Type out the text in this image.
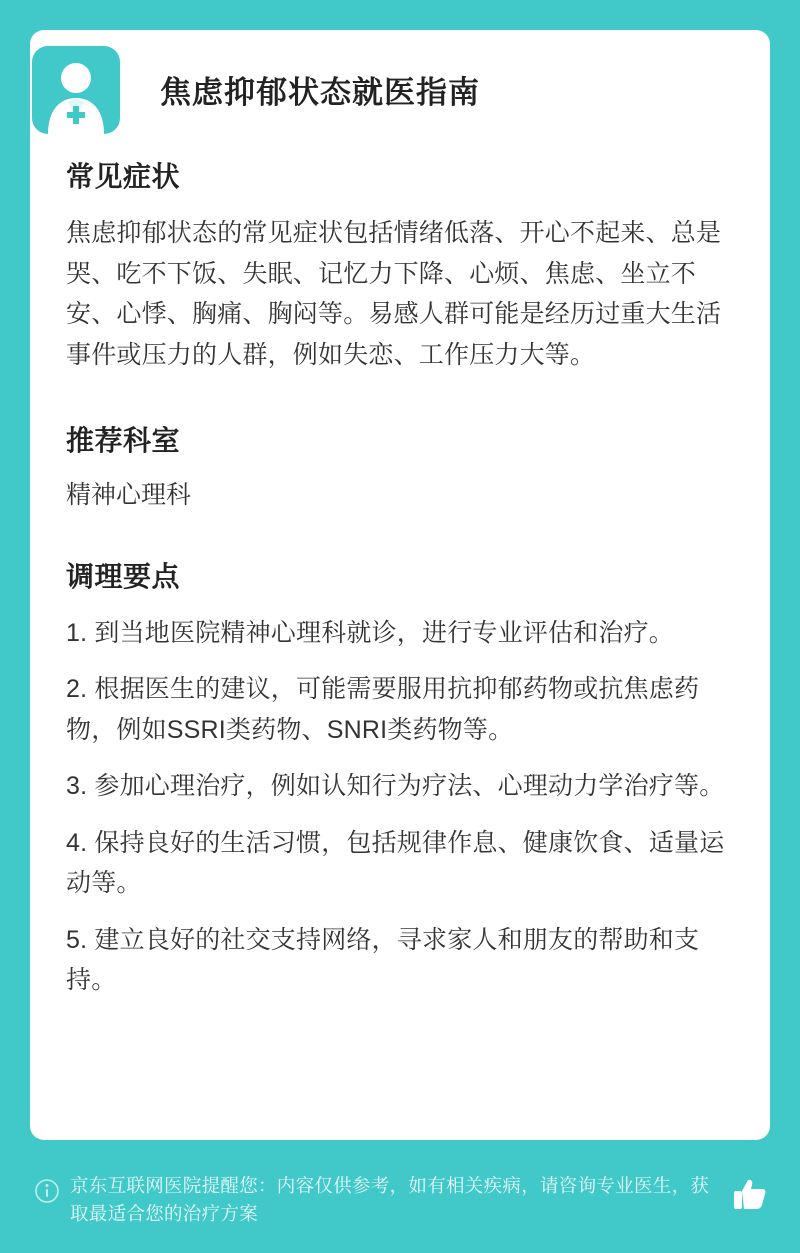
焦虑抑郁状态就医指南
常见症状

焦虑抑郁状态的常见症状包括情绪低落、开心不起来、总是哭、吃不下饭、失眠、记忆力下降、心烦、焦虑、坐立不安、心悸、胸痛、胸闷等。易感人群可能是经历过重大生活事件或压力的人群，例如失恋、工作压力大等。

推荐科室

精神心理科

调理要点
1. 到当地医院精神心理科就诊，进行专业评估和治疗。
2. 根据医生的建议，可能需要服用抗抑郁药物或抗焦虑药物，例如SSRI类药物、SNRI类药物等。
3. 参加心理治疗，例如认知行为疗法、心理动力学治疗等。
4. 保持良好的生活习惯，包括规律作息、健康饮食、适量运动等。
5. 建立良好的社交支持网络，寻求家人和朋友的帮助和支持。
京东互联网医院提醒您：内容仅供参考，如有相关疾病，请咨询专业医生，获取最适合您的治疗方案
